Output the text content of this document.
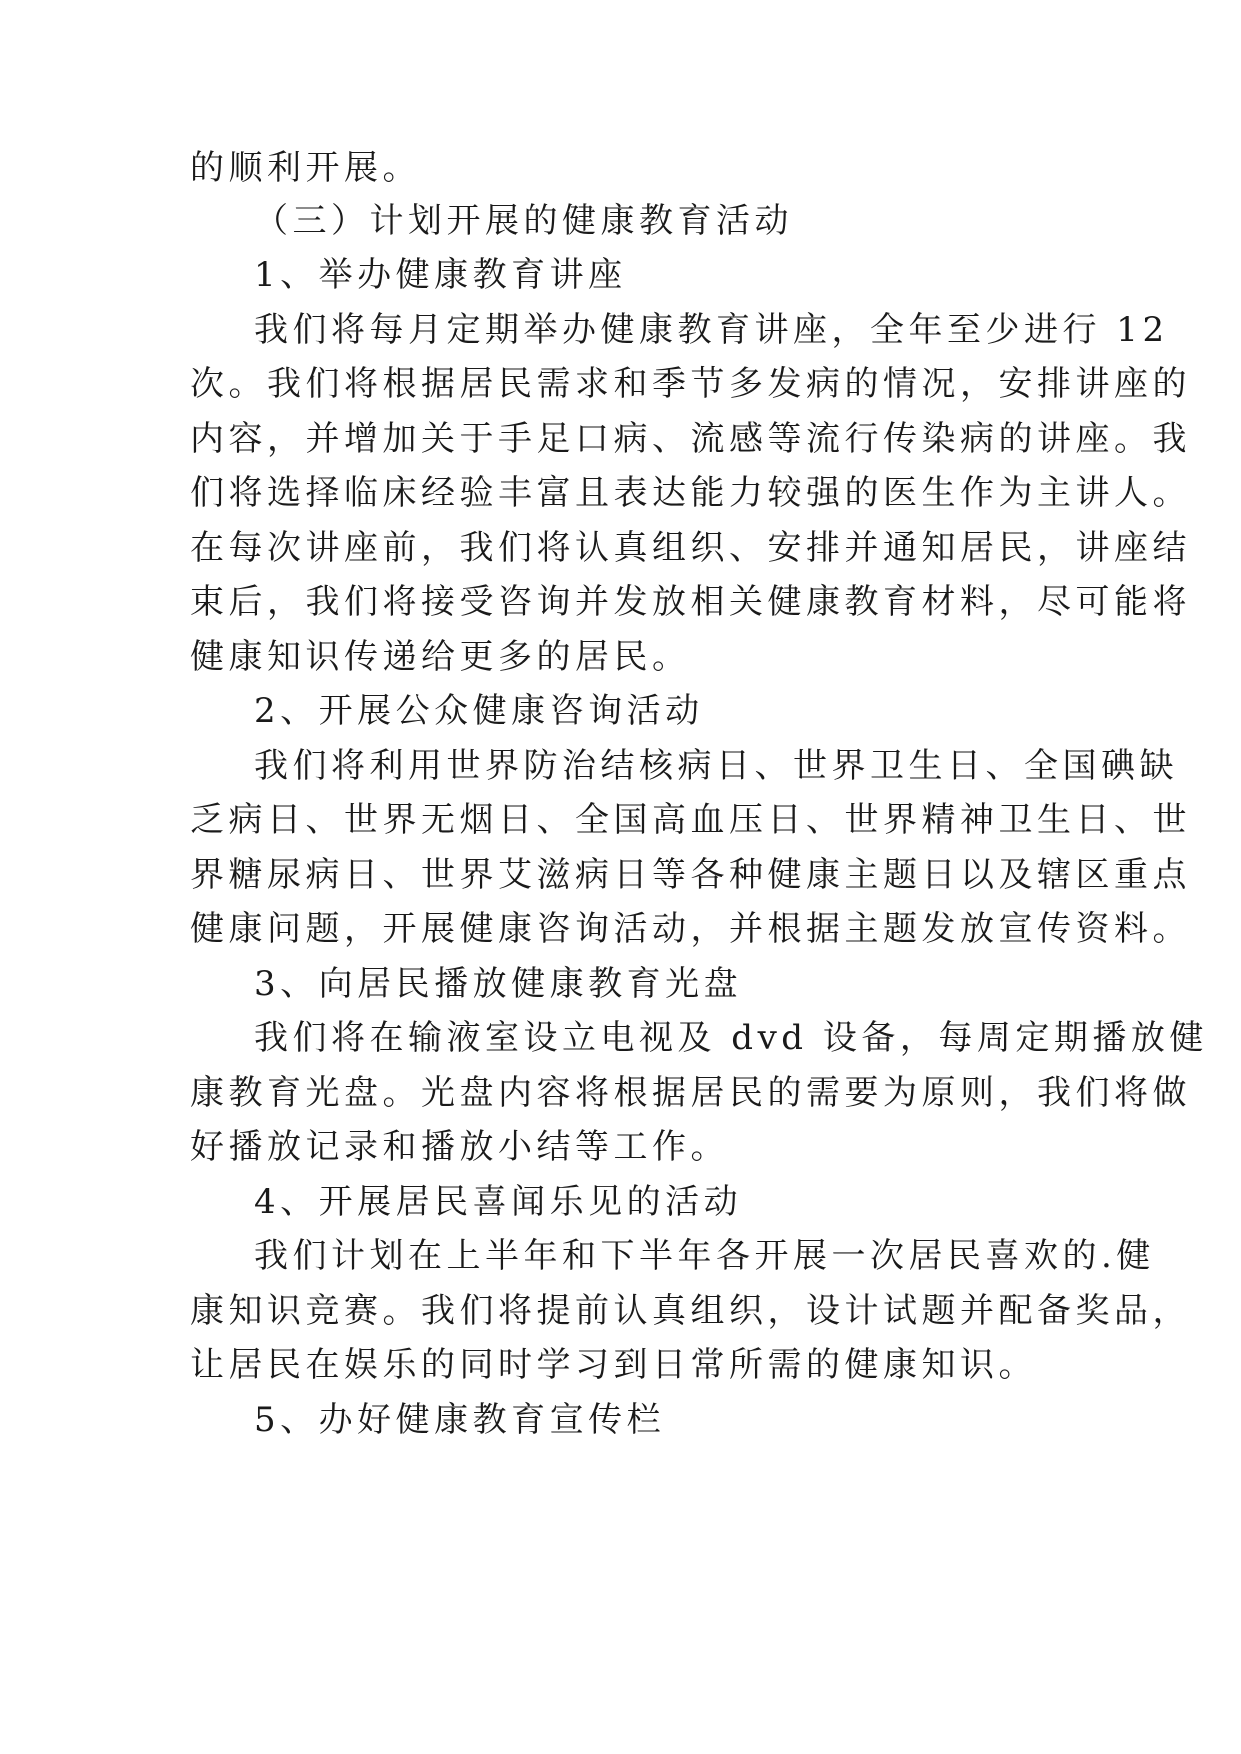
的顺利开展。
（三）计划开展的健康教育活动
1、举办健康教育讲座
我们将每月定期举办健康教育讲座，全年至少进行 12
次。我们将根据居民需求和季节多发病的情况，安排讲座的
内容，并增加关于手足口病、流感等流行传染病的讲座。我
们将选择临床经验丰富且表达能力较强的医生作为主讲人。
在每次讲座前，我们将认真组织、安排并通知居民，讲座结
束后，我们将接受咨询并发放相关健康教育材料，尽可能将
健康知识传递给更多的居民。
2、开展公众健康咨询活动
我们将利用世界防治结核病日、世界卫生日、全国碘缺
乏病日、世界无烟日、全国高血压日、世界精神卫生日、世
界糖尿病日、世界艾滋病日等各种健康主题日以及辖区重点
健康问题，开展健康咨询活动，并根据主题发放宣传资料。
3、向居民播放健康教育光盘
我们将在输液室设立电视及 dvd 设备，每周定期播放健
康教育光盘。光盘内容将根据居民的需要为原则，我们将做
好播放记录和播放小结等工作。
4、开展居民喜闻乐见的活动
我们计划在上半年和下半年各开展一次居民喜欢的.健
康知识竞赛。我们将提前认真组织，设计试题并配备奖品，
让居民在娱乐的同时学习到日常所需的健康知识。
5、办好健康教育宣传栏
